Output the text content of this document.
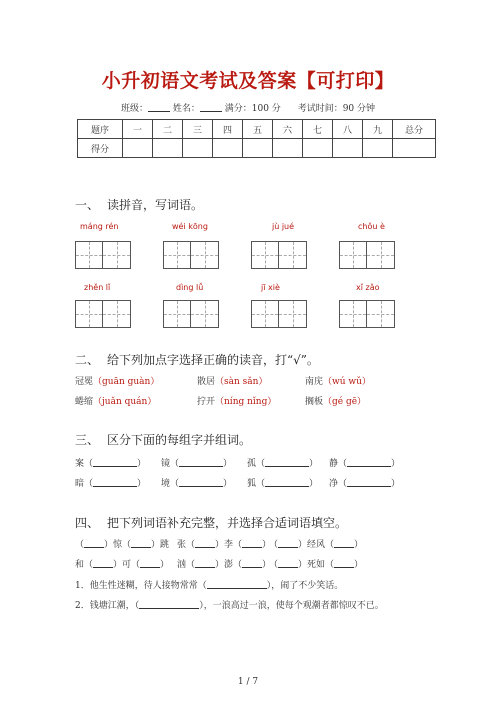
小升初语文考试及答案【可打印】
班级：	姓名：	满分：100 分 考试时间：90 分钟
题序	一	二	三	四	五	六	七	八	九	总分
得分										
一、 读拼音，写词语。
máng rén	wéi kōng	jù jué	chǒu è
zhěn lǐ	dìng lǚ	jī xiè	xǐ zǎo
二、 给下列加点字选择正确的读音，打“√”。
冠冕（guān guàn）	散居（sàn sǎn）	南庑（wú wǔ）
蜷缩（juǎn quán）	拧开（níng nǐng）	搁板（gé gē）
三、 区分下面的每组字并组词。
案（	） 镜（	） 孤（	） 静（	）
暗（	） 境（	） 狐（	） 净（	）
四、 把下列词语补充完整，并选择合适词语填空。
（ ）惊（ ）跳 张（ ）李（ ）（ ）经风（ ）
和（ ）可（ ） 汹（ ）澎（ ）（ ）死如（ ）
1．他生性迷糊，待人接物常常（	），闹了不少笑话。
2．钱塘江潮，（	），一浪高过一浪，使每个观潮者都惊叹不已。
1 / 7
